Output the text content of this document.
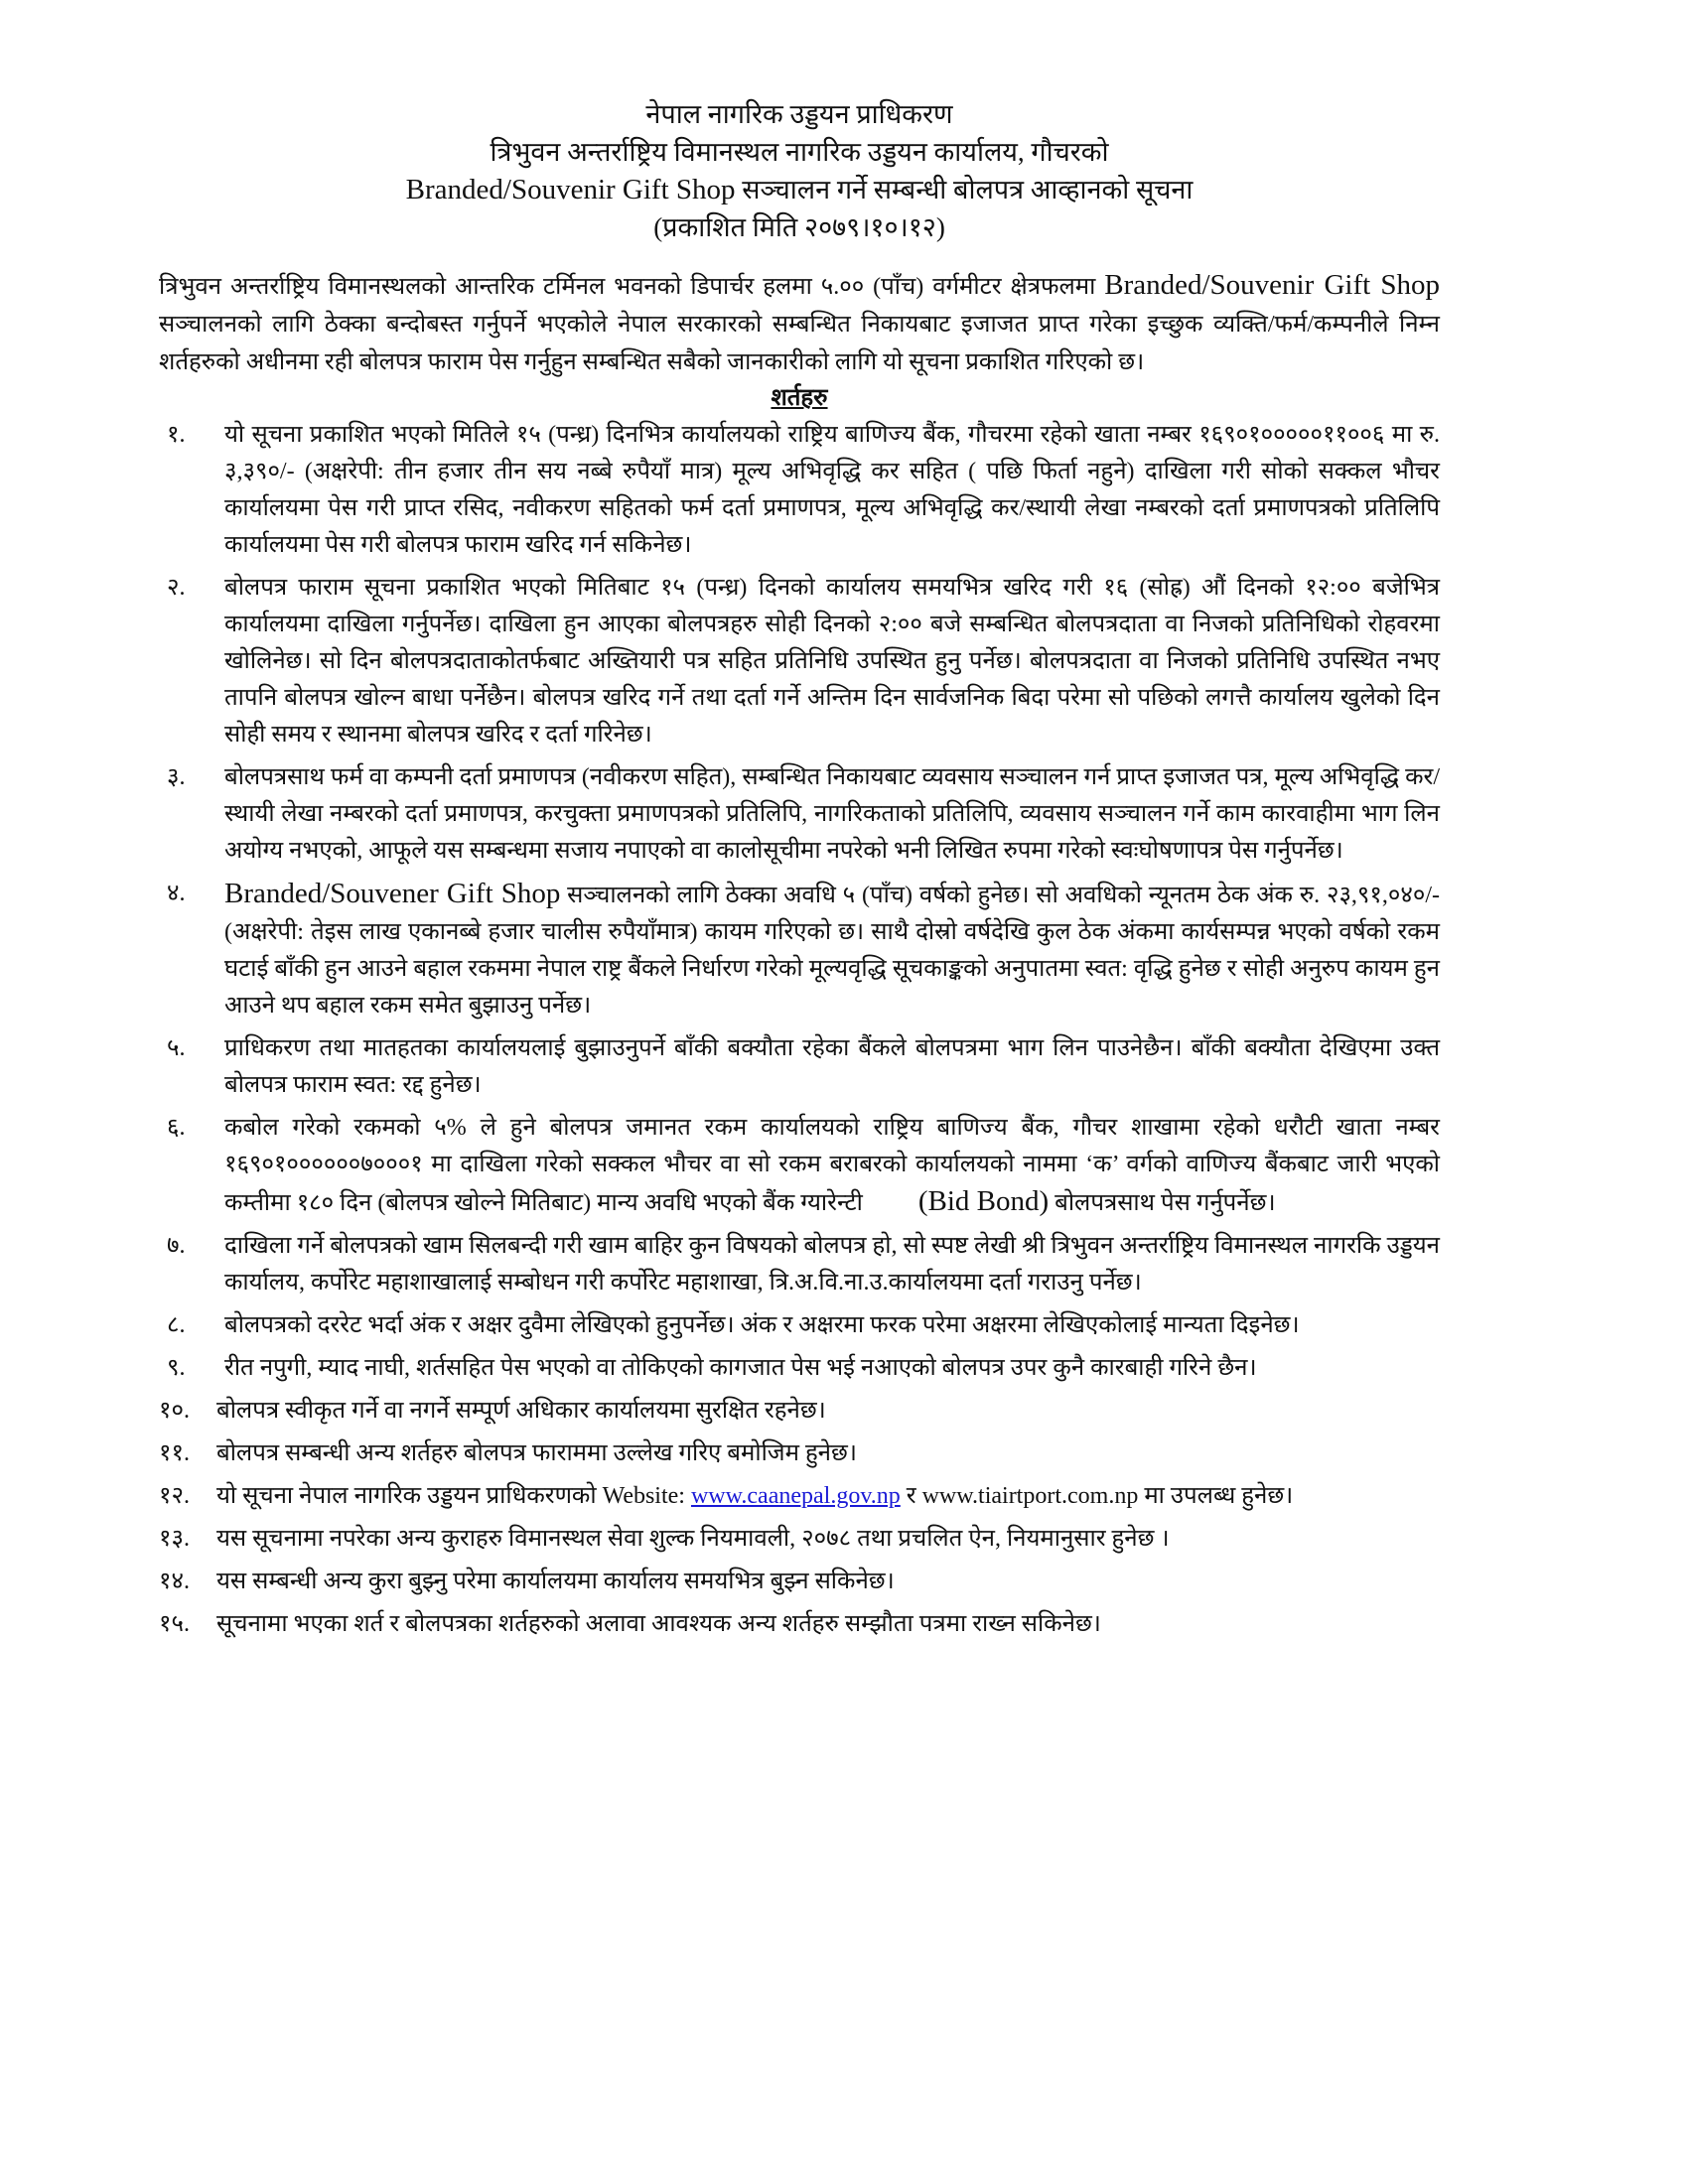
नेपाल नागरिक उड्डयन प्राधिकरण
त्रिभुवन अन्तर्राष्ट्रिय विमानस्थल नागरिक उड्डयन कार्यालय, गौचरको
Branded/Souvenir Gift Shop सञ्चालन गर्ने सम्बन्धी बोलपत्र आव्हानको सूचना
(प्रकाशित मिति २०७९।१०।१२)
त्रिभुवन अन्तर्राष्ट्रिय विमानस्थलको आन्तरिक टर्मिनल भवनको डिपार्चर हलमा ५.०० (पाँच) वर्गमीटर क्षेत्रफलमा Branded/Souvenir Gift Shop सञ्चालनको लागि ठेक्का बन्दोबस्त गर्नुपर्ने भएकोले नेपाल सरकारको सम्बन्धित निकायबाट इजाजत प्राप्त गरेका इच्छुक व्यक्ति/फर्म/कम्पनीले निम्न शर्तहरुको अधीनमा रही बोलपत्र फाराम पेस गर्नुहुन सम्बन्धित सबैको जानकारीको लागि यो सूचना प्रकाशित गरिएको छ।
शर्तहरु
१.	यो सूचना प्रकाशित भएको मितिले १५ (पन्ध्र) दिनभित्र कार्यालयको राष्ट्रिय बाणिज्य बैंक, गौचरमा रहेको खाता नम्बर १६९०१०००००११००६ मा रु. ३,३९०/- (अक्षरेपी: तीन हजार तीन सय नब्बे रुपैयाँ मात्र) मूल्य अभिवृद्धि कर सहित ( पछि फिर्ता नहुने) दाखिला गरी सोको सक्कल भौचर कार्यालयमा पेस गरी प्राप्त रसिद, नवीकरण सहितको फर्म दर्ता प्रमाणपत्र, मूल्य अभिवृद्धि कर/स्थायी लेखा नम्बरको दर्ता प्रमाणपत्रको प्रतिलिपि कार्यालयमा पेस गरी बोलपत्र फाराम खरिद गर्न सकिनेछ।
२.	बोलपत्र फाराम सूचना प्रकाशित भएको मितिबाट १५ (पन्ध्र) दिनको कार्यालय समयभित्र खरिद गरी १६ (सोह्र) औं दिनको १२:०० बजेभित्र कार्यालयमा दाखिला गर्नुपर्नेछ। दाखिला हुन आएका बोलपत्रहरु सोही दिनको २:०० बजे सम्बन्धित बोलपत्रदाता वा निजको प्रतिनिधिको रोहवरमा खोलिनेछ। सो दिन बोलपत्रदाताकोतर्फबाट अख्तियारी पत्र सहित प्रतिनिधि उपस्थित हुनु पर्नेछ। बोलपत्रदाता वा निजको प्रतिनिधि उपस्थित नभए तापनि बोलपत्र खोल्न बाधा पर्नेछैन। बोलपत्र खरिद गर्ने तथा दर्ता गर्ने अन्तिम दिन सार्वजनिक बिदा परेमा सो पछिको लगत्तै कार्यालय खुलेको दिन सोही समय र स्थानमा बोलपत्र खरिद र दर्ता गरिनेछ।
३.	बोलपत्रसाथ फर्म वा कम्पनी दर्ता प्रमाणपत्र (नवीकरण सहित), सम्बन्धित निकायबाट व्यवसाय सञ्चालन गर्न प्राप्त इजाजत पत्र, मूल्य अभिवृद्धि कर/स्थायी लेखा नम्बरको दर्ता प्रमाणपत्र, करचुक्ता प्रमाणपत्रको प्रतिलिपि, नागरिकताको प्रतिलिपि, व्यवसाय सञ्चालन गर्ने काम कारवाहीमा भाग लिन अयोग्य नभएको, आफूले यस सम्बन्धमा सजाय नपाएको वा कालोसूचीमा नपरेको भनी लिखित रुपमा गरेको स्वःघोषणापत्र पेस गर्नुपर्नेछ।
४.	Branded/Souvener Gift Shop सञ्चालनको लागि ठेक्का अवधि ५ (पाँच) वर्षको हुनेछ। सो अवधिको न्यूनतम ठेक अंक रु. २३,९१,०४०/- (अक्षरेपी: तेइस लाख एकानब्बे हजार चालीस रुपैयाँमात्र) कायम गरिएको छ। साथै दोस्रो वर्षदेखि कुल ठेक अंकमा कार्यसम्पन्न भएको वर्षको रकम घटाई बाँकी हुन आउने बहाल रकममा नेपाल राष्ट्र बैंकले निर्धारण गरेको मूल्यवृद्धि सूचकाङ्कको अनुपातमा स्वत: वृद्धि हुनेछ र सोही अनुरुप कायम हुन आउने थप बहाल रकम समेत बुझाउनु पर्नेछ।
५.	प्राधिकरण तथा मातहतका कार्यालयलाई बुझाउनुपर्ने बाँकी बक्यौता रहेका बैंकले बोलपत्रमा भाग लिन पाउनेछैन। बाँकी बक्यौता देखिएमा उक्त बोलपत्र फाराम स्वत: रद्द हुनेछ।
६.	कबोल गरेको रकमको ५% ले हुने बोलपत्र जमानत रकम कार्यालयको राष्ट्रिय बाणिज्य बैंक, गौचर शाखामा रहेको धरौटी खाता नम्बर १६९०१००००००७०००१ मा दाखिला गरेको सक्कल भौचर वा सो रकम बराबरको कार्यालयको नाममा ‘क’ वर्गको वाणिज्य बैंकबाट जारी भएको कम्तीमा १८० दिन (बोलपत्र खोल्ने मितिबाट) मान्य अवधि भएको बैंक ग्यारेन्टी (Bid Bond) बोलपत्रसाथ पेस गर्नुपर्नेछ।
७.	दाखिला गर्ने बोलपत्रको खाम सिलबन्दी गरी खाम बाहिर कुन विषयको बोलपत्र हो, सो स्पष्ट लेखी श्री त्रिभुवन अन्तर्राष्ट्रिय विमानस्थल नागरकि उड्डयन कार्यालय, कर्पोरेट महाशाखालाई सम्बोधन गरी कर्पोरेट महाशाखा, त्रि.अ.वि.ना.उ.कार्यालयमा दर्ता गराउनु पर्नेछ।
८.	बोलपत्रको दररेट भर्दा अंक र अक्षर दुवैमा लेखिएको हुनुपर्नेछ। अंक र अक्षरमा फरक परेमा अक्षरमा लेखिएकोलाई मान्यता दिइनेछ।
९.	रीत नपुगी, म्याद नाघी, शर्तसहित पेस भएको वा तोकिएको कागजात पेस भई नआएको बोलपत्र उपर कुनै कारबाही गरिने छैन।
१०.	बोलपत्र स्वीकृत गर्ने वा नगर्ने सम्पूर्ण अधिकार कार्यालयमा सुरक्षित रहनेछ।
११.	बोलपत्र सम्बन्धी अन्य शर्तहरु बोलपत्र फाराममा उल्लेख गरिए बमोजिम हुनेछ।
१२.	यो सूचना नेपाल नागरिक उड्डयन प्राधिकरणको Website: www.caanepal.gov.np र www.tiairtport.com.np मा उपलब्ध हुनेछ।
१३.	यस सूचनामा नपरेका अन्य कुराहरु विमानस्थल सेवा शुल्क नियमावली, २०७८ तथा प्रचलित ऐन, नियमानुसार हुनेछ ।
१४.	यस सम्बन्धी अन्य कुरा बुझ्नु परेमा कार्यालयमा कार्यालय समयभित्र बुझ्न सकिनेछ।
१५.	सूचनामा भएका शर्त र बोलपत्रका शर्तहरुको अलावा आवश्यक अन्य शर्तहरु सम्झौता पत्रमा राख्न सकिनेछ।
